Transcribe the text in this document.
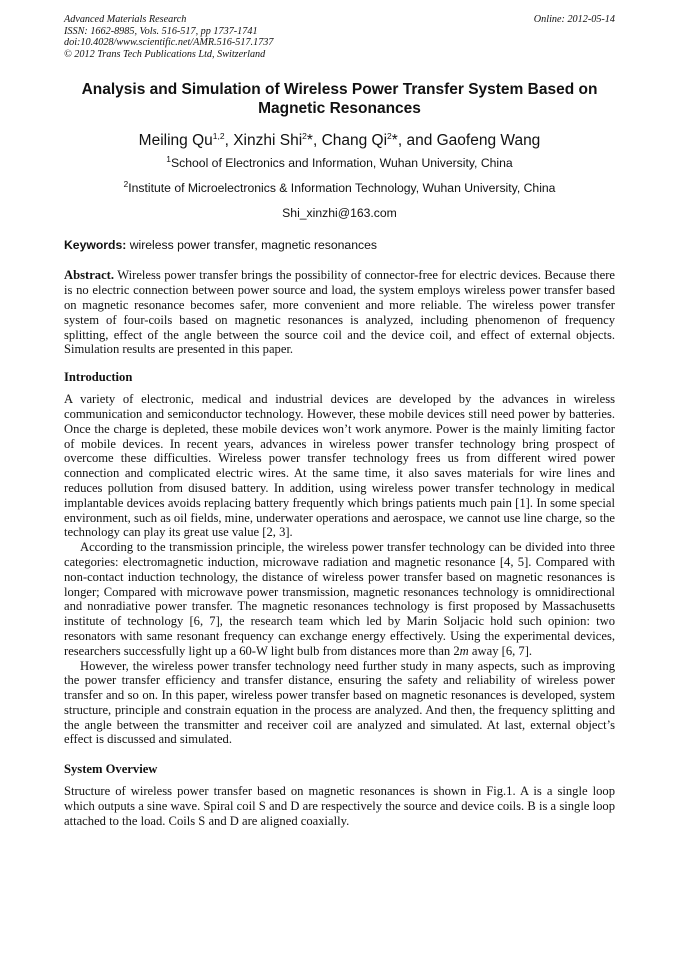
Advanced Materials Research
ISSN: 1662-8985, Vols. 516-517, pp 1737-1741
doi:10.4028/www.scientific.net/AMR.516-517.1737
© 2012 Trans Tech Publications Ltd, Switzerland
Online: 2012-05-14
Analysis and Simulation of Wireless Power Transfer System Based on Magnetic Resonances
Meiling Qu$^{1,2}$, Xinzhi Shi$^2$*, Chang Qi$^2$*, and Gaofeng Wang
$^1$School of Electronics and Information, Wuhan University, China
$^2$Institute of Microelectronics & Information Technology, Wuhan University, China
Shi_xinzhi@163.com
Keywords: wireless power transfer, magnetic resonances
Abstract. Wireless power transfer brings the possibility of connector-free for electric devices. Because there is no electric connection between power source and load, the system employs wireless power transfer based on magnetic resonance becomes safer, more convenient and more reliable. The wireless power transfer system of four-coils based on magnetic resonances is analyzed, including phenomenon of frequency splitting, effect of the angle between the source coil and the device coil, and effect of external objects. Simulation results are presented in this paper.
Introduction

A variety of electronic, medical and industrial devices are developed by the advances in wireless communication and semiconductor technology. However, these mobile devices still need power by batteries. Once the charge is depleted, these mobile devices won’t work anymore. Power is the mainly limiting factor of mobile devices. In recent years, advances in wireless power transfer technology bring prospect of overcome these difficulties. Wireless power transfer technology frees us from different wired power connection and complicated electric wires. At the same time, it also saves materials for wire lines and reduces pollution from disused battery. In addition, using wireless power transfer technology in medical implantable devices avoids replacing battery frequently which brings patients much pain [1]. In some special environment, such as oil fields, mine, underwater operations and aerospace, we cannot use line charge, so the technology can play its great use value [2, 3].

According to the transmission principle, the wireless power transfer technology can be divided into three categories: electromagnetic induction, microwave radiation and magnetic resonance [4, 5]. Compared with non-contact induction technology, the distance of wireless power transfer based on magnetic resonances is longer; Compared with microwave power transmission, magnetic resonances technology is omnidirectional and nonradiative power transfer. The magnetic resonances technology is first proposed by Massachusetts institute of technology [6, 7], the research team which led by Marin Soljacic hold such opinion: two resonators with same resonant frequency can exchange energy effectively. Using the experimental devices, researchers successfully light up a 60-W light bulb from distances more than 2m away [6, 7].

However, the wireless power transfer technology need further study in many aspects, such as improving the power transfer efficiency and transfer distance, ensuring the safety and reliability of wireless power transfer and so on. In this paper, wireless power transfer based on magnetic resonances is developed, system structure, principle and constrain equation in the process are analyzed. And then, the frequency splitting and the angle between the transmitter and receiver coil are analyzed and simulated. At last, external object’s effect is discussed and simulated.

System Overview

Structure of wireless power transfer based on magnetic resonances is shown in Fig.1. A is a single loop which outputs a sine wave. Spiral coil S and D are respectively the source and device coils. B is a single loop attached to the load. Coils S and D are aligned coaxially.
